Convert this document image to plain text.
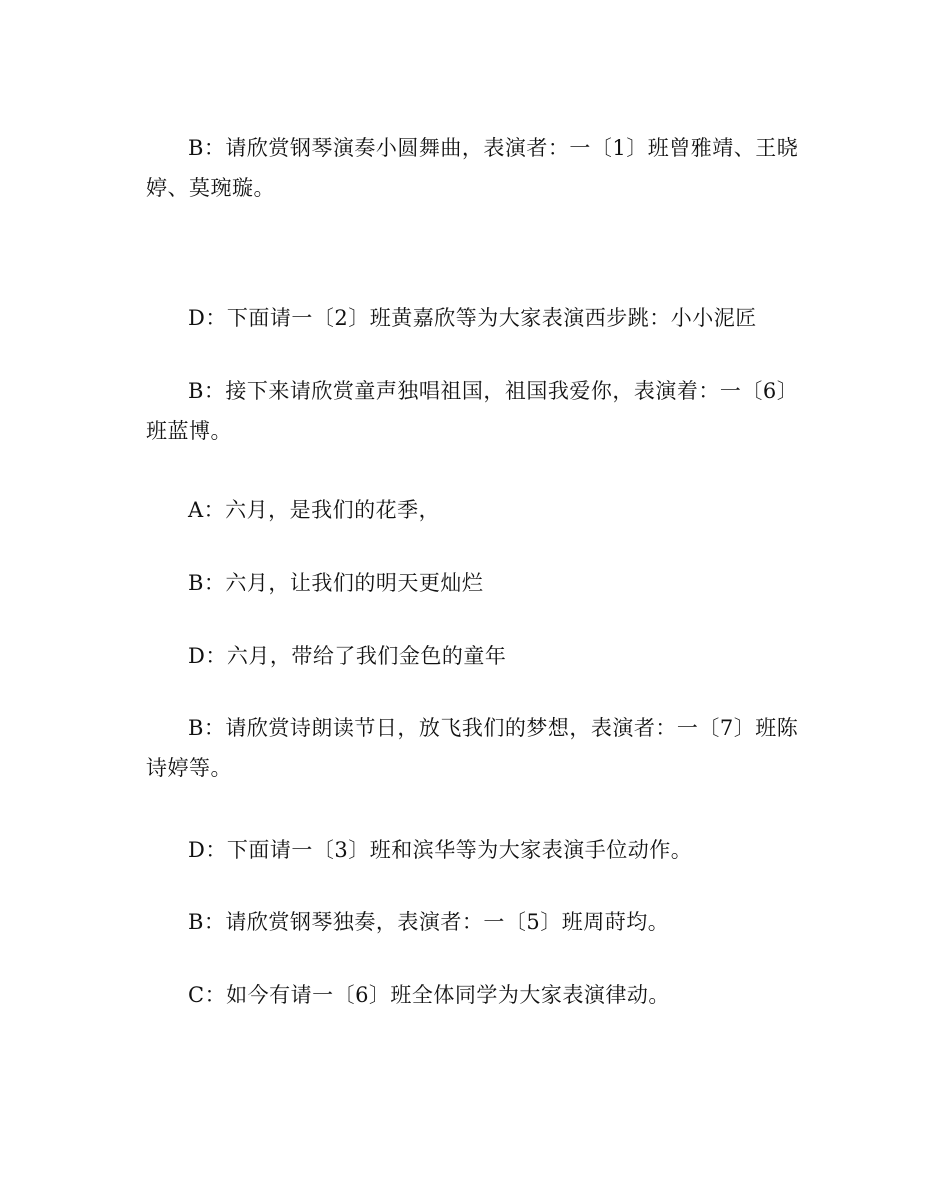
B：请欣赏钢琴演奏小圆舞曲，表演者：一〔1〕班曾雅靖、王晓婷、莫琬璇。

D：下面请一〔2〕班黄嘉欣等为大家表演西步跳：小小泥匠

B：接下来请欣赏童声独唱祖国，祖国我爱你，表演着：一〔6〕班蓝博。

A：六月，是我们的花季，

B：六月，让我们的明天更灿烂

D：六月，带给了我们金色的童年

B：请欣赏诗朗读节日，放飞我们的梦想，表演者：一〔7〕班陈诗婷等。

D：下面请一〔3〕班和滨华等为大家表演手位动作。

B：请欣赏钢琴独奏，表演者：一〔5〕班周莳均。

C：如今有请一〔6〕班全体同学为大家表演律动。
